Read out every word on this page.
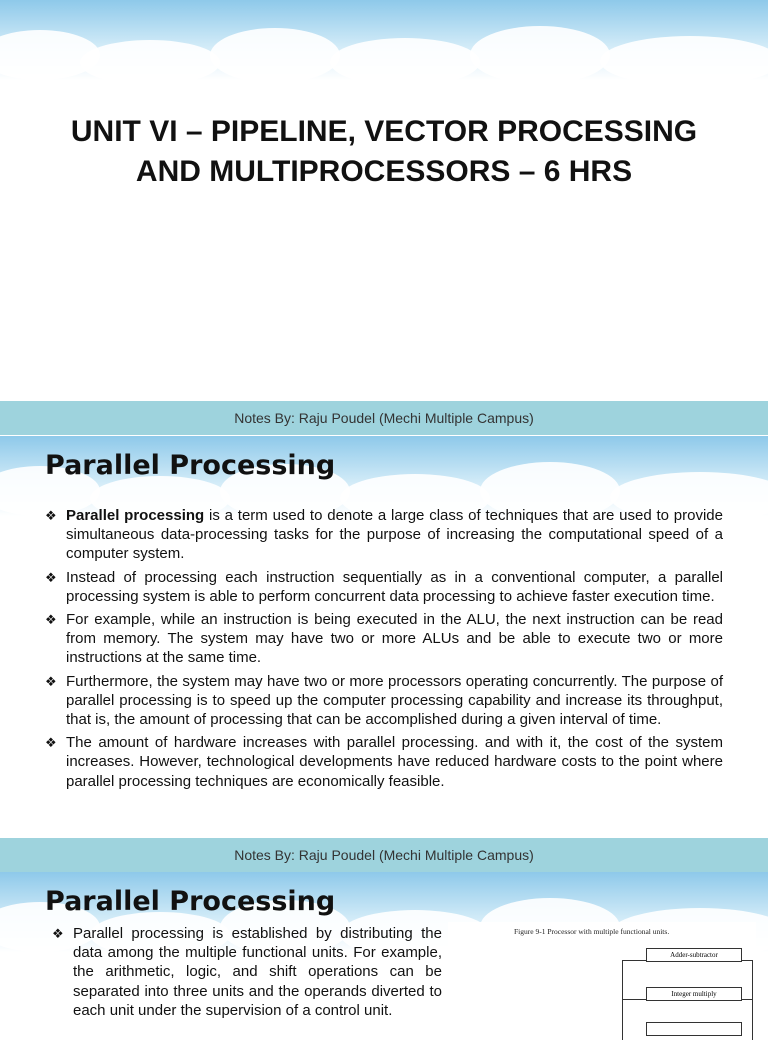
UNIT VI – PIPELINE, VECTOR PROCESSING
AND MULTIPROCESSORS – 6 HRS
Notes By: Raju Poudel (Mechi Multiple Campus)
Parallel Processing
❖ Parallel processing is a term used to denote a large class of techniques that are used to provide simultaneous data-processing tasks for the purpose of increasing the computational speed of a computer system.
❖ Instead of processing each instruction sequentially as in a conventional computer, a parallel processing system is able to perform concurrent data processing to achieve faster execution time.
❖ For example, while an instruction is being executed in the ALU, the next instruction can be read from memory. The system may have two or more ALUs and be able to execute two or more instructions at the same time.
❖ Furthermore, the system may have two or more processors operating concurrently. The purpose of parallel processing is to speed up the computer processing capability and increase its throughput, that is, the amount of processing that can be accomplished during a given interval of time.
❖ The amount of hardware increases with parallel processing. and with it, the cost of the system increases. However, technological developments have reduced hardware costs to the point where parallel processing techniques are economically feasible.
Notes By: Raju Poudel (Mechi Multiple Campus)
Parallel Processing
❖ Parallel processing is established by distributing the data among the multiple functional units. For example, the arithmetic, logic, and shift operations can be separated into three units and the operands diverted to each unit under the supervision of a control unit.
Figure 9-1 Processor with multiple functional units.
Adder-subtractor
Integer multiply
